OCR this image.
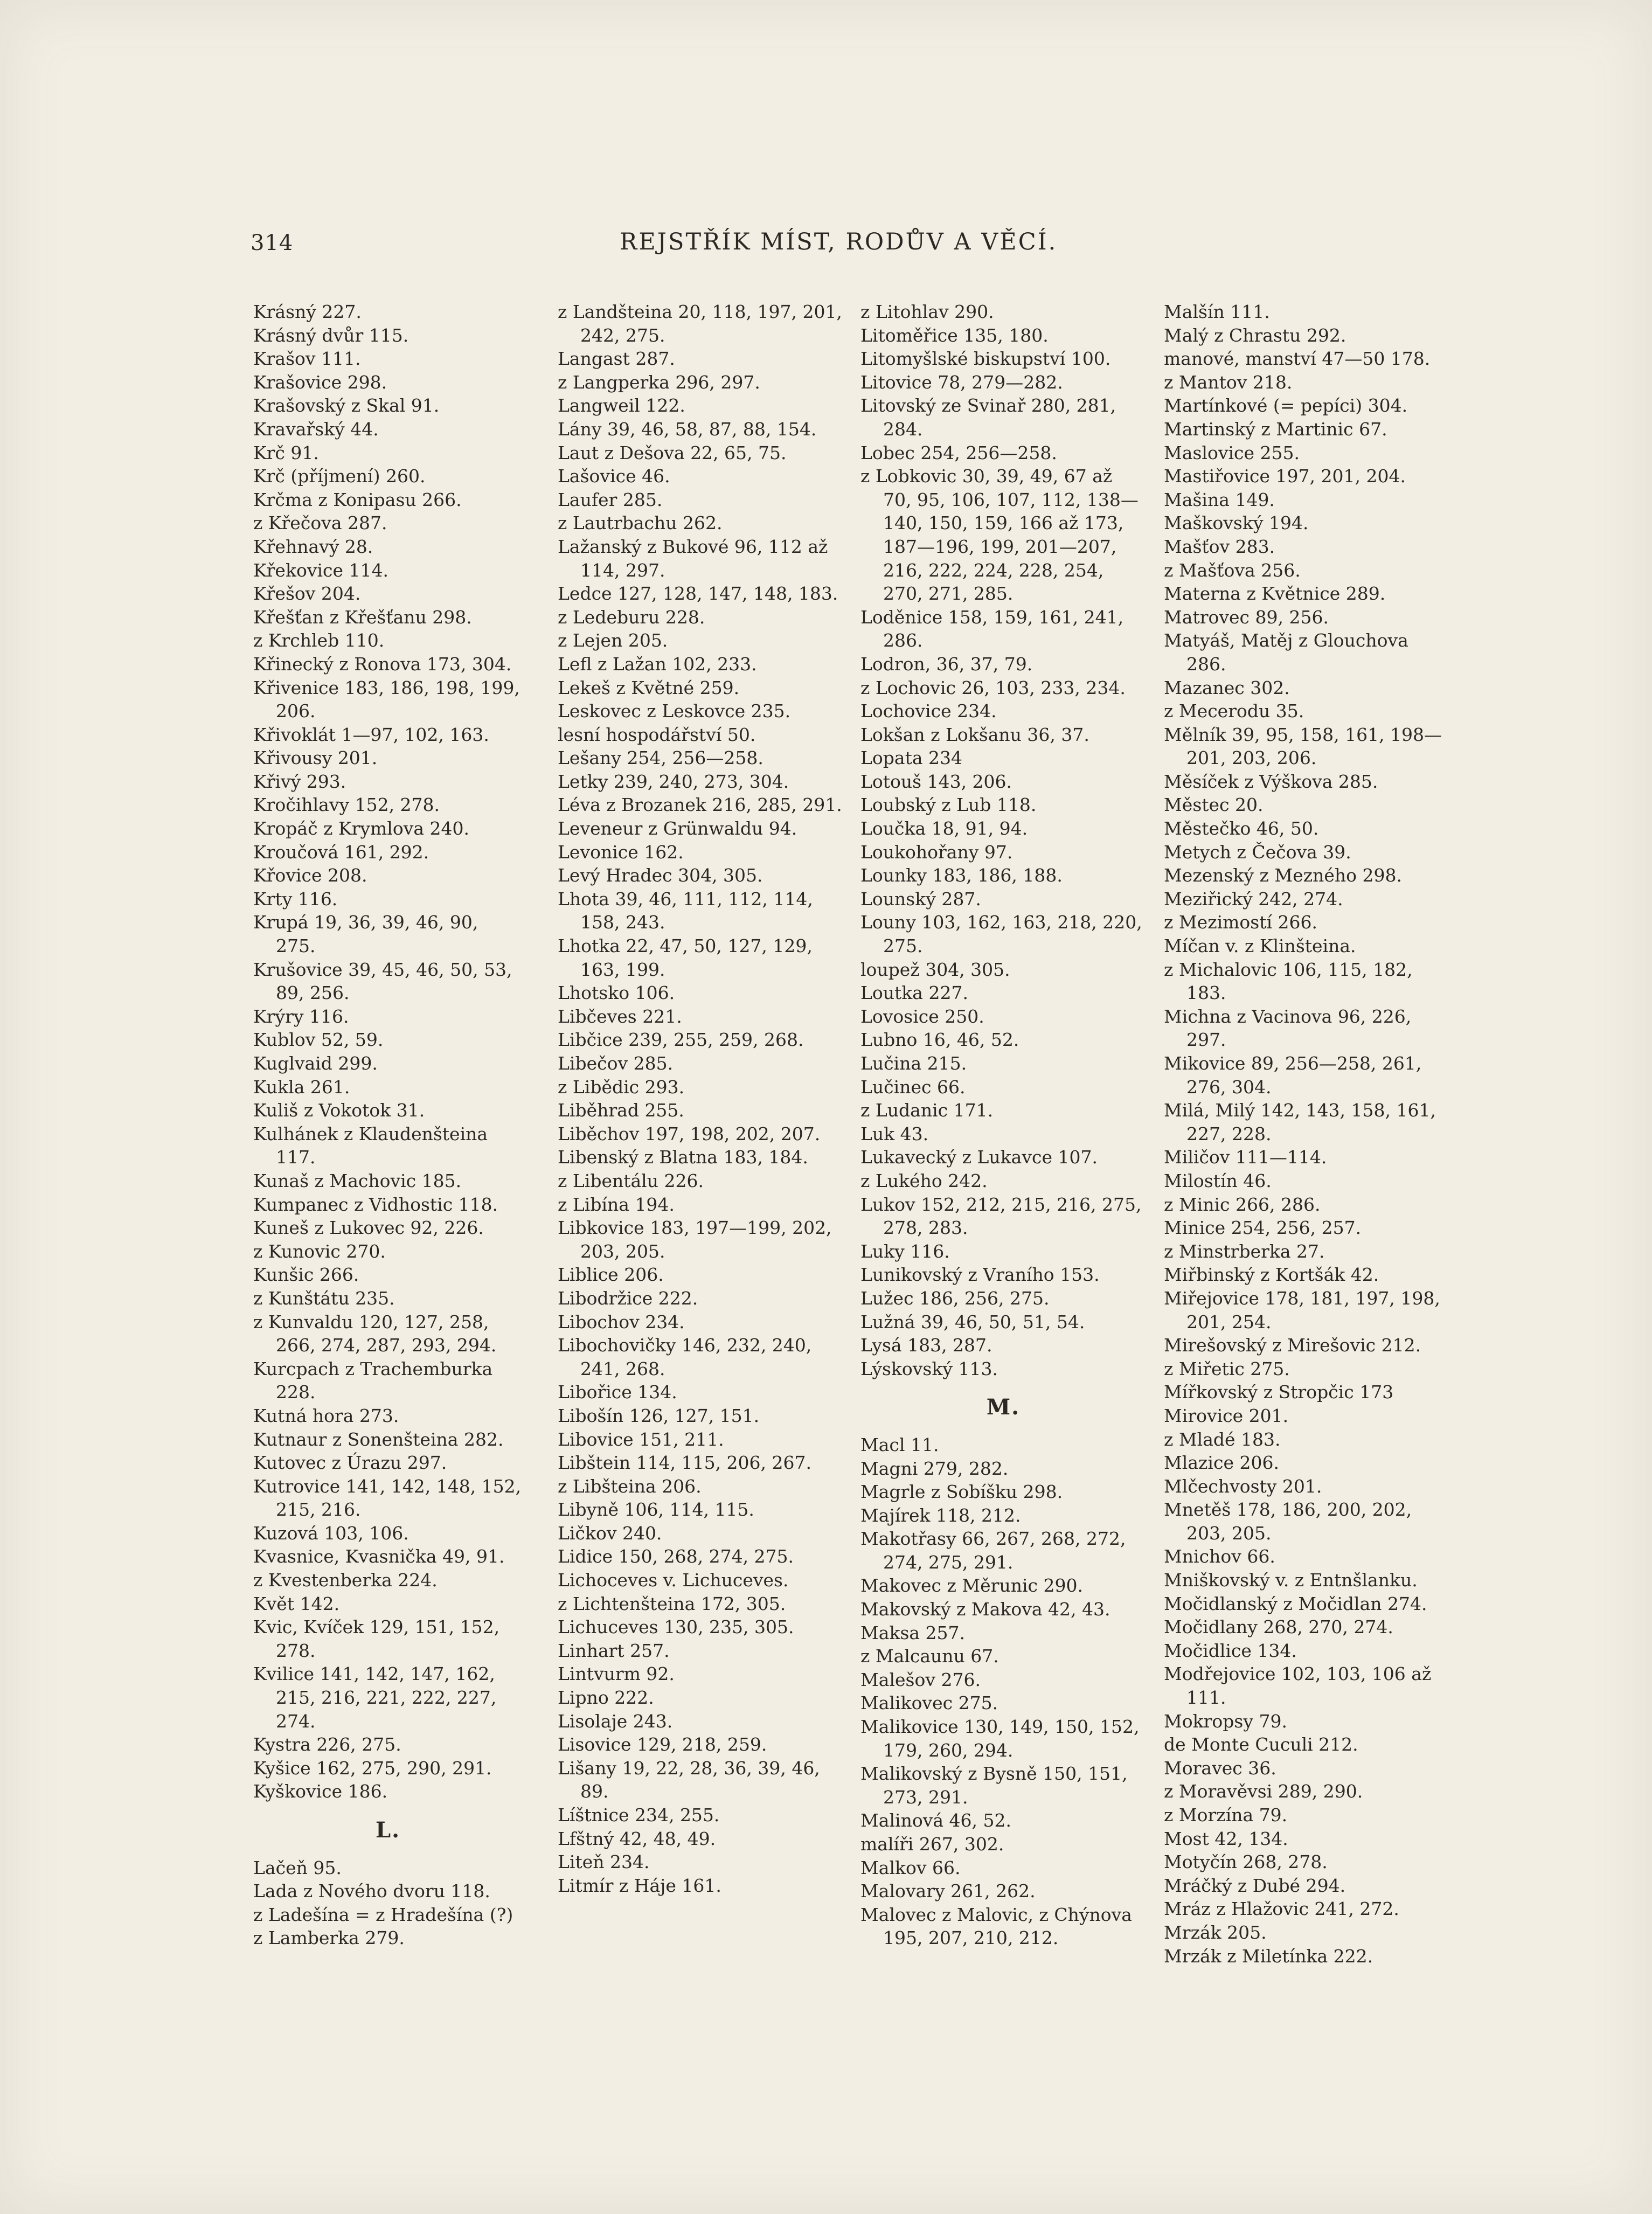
314	REJSTŘÍK MÍST, RODŮV A VĚCÍ.

Krásný 227.

Krásný dvůr 115.

Krašov 111.

Krašovice 298.

Krašovský z Skal 91.

Kravařský 44.

Krč 91.

Krč (příjmení) 260.

Krčma z Konipasu 266.

z Křečova 287.

Křehnavý 28.

Křekovice 114.

Křešov 204.

Křešťan z Křešťanu 298.

z Krchleb 110.

Křinecký z Ronova 173, 304.

Křivenice 183, 186, 198, 199, 206.

Křivoklát 1—97, 102, 163.

Křivousy 201.

Křivý 293.

Kročihlavy 152, 278.

Kropáč z Krymlova 240.

Kroučová 161, 292.

Křovice 208.

Krty 116.

Krupá 19, 36, 39, 46, 90, 275.

Krušovice 39, 45, 46, 50, 53, 89, 256.

Krýry 116.

Kublov 52, 59.

Kuglvaid 299.

Kukla 261.

Kuliš z Vokotok 31.

Kulhánek z Klaudenšteina 117.

Kunaš z Machovic 185.

Kumpanec z Vidhostic 118.

Kuneš z Lukovec 92, 226.

z Kunovic 270.

Kunšic 266.

z Kunštátu 235.

z Kunvaldu 120, 127, 258, 266, 274, 287, 293, 294.

Kurcpach z Trachemburka 228.

Kutná hora 273.

Kutnaur z Sonenšteina 282.

Kutovec z Úrazu 297.

Kutrovice 141, 142, 148, 152, 215, 216.

Kuzová 103, 106.

Kvasnice, Kvasnička 49, 91.

z Kvestenberka 224.

Květ 142.

Kvic, Kvíček 129, 151, 152, 278.

Kvilice 141, 142, 147, 162, 215, 216, 221, 222, 227, 274.

Kystra 226, 275.

Kyšice 162, 275, 290, 291.

Kyškovice 186.

L.

Lačeň 95.

Lada z Nového dvoru 118.

z Ladešína = z Hradešína (?)

z Lamberka 279.

z Landšteina 20, 118, 197, 201, 242, 275.

Langast 287.

z Langperka 296, 297.

Langweil 122.

Lány 39, 46, 58, 87, 88, 154.

Laut z Dešova 22, 65, 75.

Lašovice 46.

Laufer 285.

z Lautrbachu 262.

Lažanský z Bukové 96, 112 až 114, 297.

Ledce 127, 128, 147, 148, 183.

z Ledeburu 228.

z Lejen 205.

Lefl z Lažan 102, 233.

Lekeš z Květné 259.

Leskovec z Leskovce 235.

lesní hospodářství 50.

Lešany 254, 256—258.

Letky 239, 240, 273, 304.

Léva z Brozanek 216, 285, 291.

Leveneur z Grünwaldu 94.

Levonice 162.

Levý Hradec 304, 305.

Lhota 39, 46, 111, 112, 114, 158, 243.

Lhotka 22, 47, 50, 127, 129, 163, 199.

Lhotsko 106.

Libčeves 221.

Libčice 239, 255, 259, 268.

Libečov 285.

z Libědic 293.

Liběhrad 255.

Liběchov 197, 198, 202, 207.

Libenský z Blatna 183, 184.

z Libentálu 226.

z Libína 194.

Libkovice 183, 197—199, 202, 203, 205.

Liblice 206.

Libodržice 222.

Libochov 234.

Libochovičky 146, 232, 240, 241, 268.

Libořice 134.

Libošín 126, 127, 151.

Libovice 151, 211.

Libštein 114, 115, 206, 267.

z Libšteina 206.

Libyně 106, 114, 115.

Ličkov 240.

Lidice 150, 268, 274, 275.

Lichoceves v. Lichuceves.

z Lichtenšteina 172, 305.

Lichuceves 130, 235, 305.

Linhart 257.

Lintvurm 92.

Lipno 222.

Lisolaje 243.

Lisovice 129, 218, 259.

Lišany 19, 22, 28, 36, 39, 46, 89.

Líštnice 234, 255.

Lfštný 42, 48, 49.

Liteň 234.

Litmír z Háje 161.

z Litohlav 290.

Litoměřice 135, 180.

Litomyšlské biskupství 100.

Litovice 78, 279—282.

Litovský ze Svinař 280, 281, 284.

Lobec 254, 256—258.

z Lobkovic 30, 39, 49, 67 až 70, 95, 106, 107, 112, 138—140, 150, 159, 166 až 173, 187—196, 199, 201—207, 216, 222, 224, 228, 254, 270, 271, 285.

Loděnice 158, 159, 161, 241, 286.

Lodron, 36, 37, 79.

z Lochovic 26, 103, 233, 234.

Lochovice 234.

Lokšan z Lokšanu 36, 37.

Lopata 234

Lotouš 143, 206.

Loubský z Lub 118.

Loučka 18, 91, 94.

Loukohořany 97.

Lounky 183, 186, 188.

Lounský 287.

Louny 103, 162, 163, 218, 220, 275.

loupež 304, 305.

Loutka 227.

Lovosice 250.

Lubno 16, 46, 52.

Lučina 215.

Lučinec 66.

z Ludanic 171.

Luk 43.

Lukavecký z Lukavce 107.

z Lukého 242.

Lukov 152, 212, 215, 216, 275, 278, 283.

Luky 116.

Lunikovský z Vraního 153.

Lužec 186, 256, 275.

Lužná 39, 46, 50, 51, 54.

Lysá 183, 287.

Lýskovský 113.

M.

Macl 11.

Magni 279, 282.

Magrle z Sobíšku 298.

Majírek 118, 212.

Makotřasy 66, 267, 268, 272, 274, 275, 291.

Makovec z Měrunic 290.

Makovský z Makova 42, 43.

Maksa 257.

z Malcaunu 67.

Malešov 276.

Malikovec 275.

Malikovice 130, 149, 150, 152, 179, 260, 294.

Malikovský z Bysně 150, 151, 273, 291.

Malinová 46, 52.

malíři 267, 302.

Malkov 66.

Malovary 261, 262.

Malovec z Malovic, z Chýnova 195, 207, 210, 212.

Malšín 111.

Malý z Chrastu 292.

manové, manství 47—50 178.

z Mantov 218.

Martínkové (= pepíci) 304.

Martinský z Martinic 67.

Maslovice 255.

Mastiřovice 197, 201, 204.

Mašina 149.

Maškovský 194.

Mašťov 283.

z Mašťova 256.

Materna z Květnice 289.

Matrovec 89, 256.

Matyáš, Matěj z Glouchova 286.

Mazanec 302.

z Mecerodu 35.

Mělník 39, 95, 158, 161, 198—201, 203, 206.

Měsíček z Výškova 285.

Městec 20.

Městečko 46, 50.

Metych z Čečova 39.

Mezenský z Mezného 298.

Meziřický 242, 274.

z Mezimostí 266.

Míčan v. z Klinšteina.

z Michalovic 106, 115, 182, 183.

Michna z Vacinova 96, 226, 297.

Mikovice 89, 256—258, 261, 276, 304.

Milá, Milý 142, 143, 158, 161, 227, 228.

Miličov 111—114.

Milostín 46.

z Minic 266, 286.

Minice 254, 256, 257.

z Minstrberka 27.

Miřbinský z Kortšák 42.

Miřejovice 178, 181, 197, 198, 201, 254.

Mirešovský z Mirešovic 212.

z Miřetic 275.

Mířkovský z Stropčic 173

Mirovice 201.

z Mladé 183.

Mlazice 206.

Mlčechvosty 201.

Mnetěš 178, 186, 200, 202, 203, 205.

Mnichov 66.

Mniškovský v. z Entnšlanku.

Močidlanský z Močidlan 274.

Močidlany 268, 270, 274.

Močidlice 134.

Modřejovice 102, 103, 106 až 111.

Mokropsy 79.

de Monte Cuculi 212.

Moravec 36.

z Moravěvsi 289, 290.

z Morzína 79.

Most 42, 134.

Motyčín 268, 278.

Mráčký z Dubé 294.

Mráz z Hlažovic 241, 272.

Mrzák 205.

Mrzák z Miletínka 222.
